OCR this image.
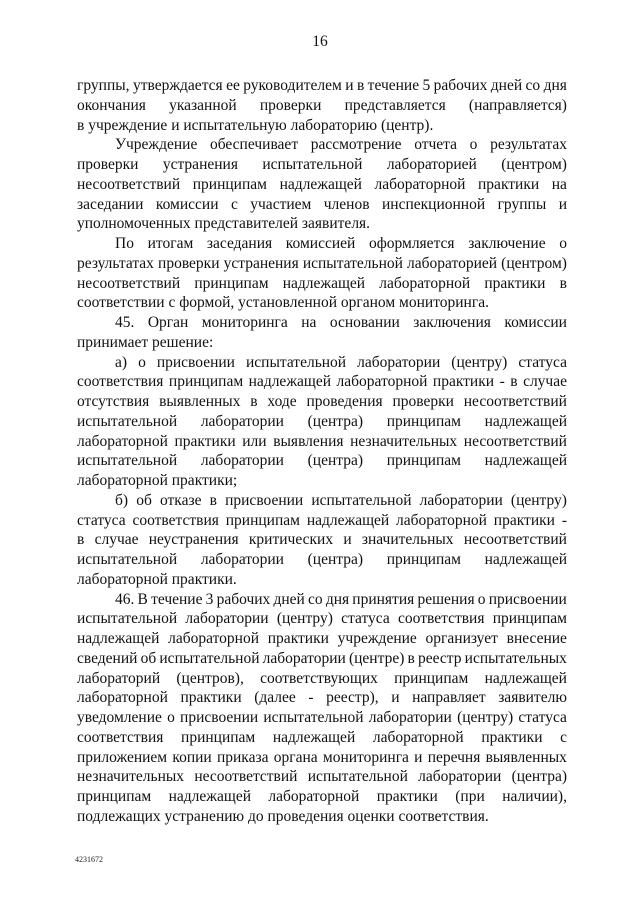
16
группы, утверждается ее руководителем и в течение 5 рабочих дней со дня
окончания указанной проверки представляется (направляется)
в учреждение и испытательную лабораторию (центр).
Учреждение обеспечивает рассмотрение отчета о результатах
проверки устранения испытательной лабораторией (центром)
несоответствий принципам надлежащей лабораторной практики на
заседании комиссии с участием членов инспекционной группы и
уполномоченных представителей заявителя.
По итогам заседания комиссией оформляется заключение о
результатах проверки устранения испытательной лабораторией (центром)
несоответствий принципам надлежащей лабораторной практики в
соответствии с формой, установленной органом мониторинга.
45. Орган мониторинга на основании заключения комиссии
принимает решение:
а) о присвоении испытательной лаборатории (центру) статуса
соответствия принципам надлежащей лабораторной практики - в случае
отсутствия выявленных в ходе проведения проверки несоответствий
испытательной лаборатории (центра) принципам надлежащей
лабораторной практики или выявления незначительных несоответствий
испытательной лаборатории (центра) принципам надлежащей
лабораторной практики;
б) об отказе в присвоении испытательной лаборатории (центру)
статуса соответствия принципам надлежащей лабораторной практики -
в случае неустранения критических и значительных несоответствий
испытательной лаборатории (центра) принципам надлежащей
лабораторной практики.
46. В течение 3 рабочих дней со дня принятия решения о присвоении
испытательной лаборатории (центру) статуса соответствия принципам
надлежащей лабораторной практики учреждение организует внесение
сведений об испытательной лаборатории (центре) в реестр испытательных
лабораторий (центров), соответствующих принципам надлежащей
лабораторной практики (далее - реестр), и направляет заявителю
уведомление о присвоении испытательной лаборатории (центру) статуса
соответствия принципам надлежащей лабораторной практики с
приложением копии приказа органа мониторинга и перечня выявленных
незначительных несоответствий испытательной лаборатории (центра)
принципам надлежащей лабораторной практики (при наличии),
подлежащих устранению до проведения оценки соответствия.
4231672
